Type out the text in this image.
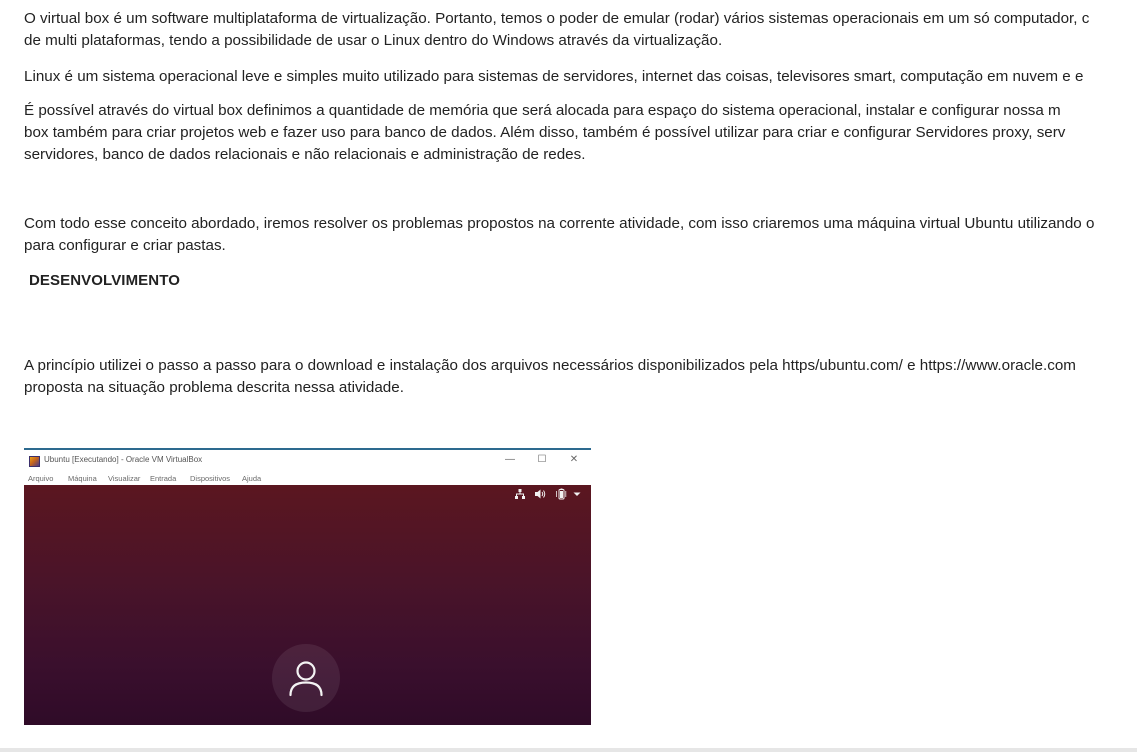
O virtual box é um software multiplataforma de virtualização. Portanto, temos o poder de emular (rodar) vários sistemas operacionais em um só computador, c
de multi plataformas, tendo a possibilidade de usar o Linux dentro do Windows através da virtualização.
Linux é um sistema operacional leve e simples muito utilizado para sistemas de servidores, internet das coisas, televisores smart, computação em nuvem e e
É possível através do virtual box definimos a quantidade de memória que será alocada para espaço do sistema operacional, instalar e configurar nossa m
box também para criar projetos web e fazer uso para banco de dados. Além disso, também é possível utilizar para criar e configurar Servidores proxy, serv
servidores, banco de dados relacionais e não relacionais e administração de redes.
Com todo esse conceito abordado, iremos resolver os problemas propostos na corrente atividade, com isso criaremos uma máquina virtual Ubuntu utilizando o
para configurar e criar pastas.
DESENVOLVIMENTO
A princípio utilizei o passo a passo para o download e instalação dos arquivos necessários disponibilizados pela https/ubuntu.com/ e https://www.oracle.com
proposta na situação problema descrita nessa atividade.
Ubuntu [Executando] - Oracle VM VirtualBox	—	☐	✕
Arquivo Máquina Visualizar Entrada Dispositivos Ajuda
